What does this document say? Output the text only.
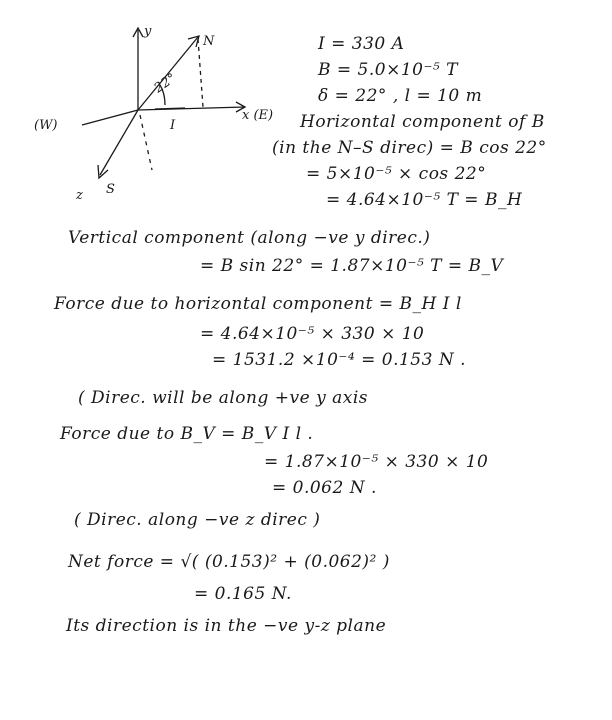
y
N
22°
x (E)
(W)	I
z S
I = 330 A
B = 5.0×10⁻⁵ T
δ = 22° , l = 10 m
Horizontal component of B
(in the N–S direc) = B cos 22°
= 5×10⁻⁵ × cos 22°
= 4.64×10⁻⁵ T = B_H
Vertical component (along −ve y direc.)
= B sin 22° = 1.87×10⁻⁵ T = B_V
Force due to horizontal component = B_H I l
= 4.64×10⁻⁵ × 330 × 10
= 1531.2 ×10⁻⁴ = 0.153 N .
( Direc. will be along +ve y axis
Force due to B_V = B_V I l .
= 1.87×10⁻⁵ × 330 × 10
= 0.062 N .
( Direc. along −ve z direc )
Net force = √( (0.153)² + (0.062)² )
= 0.165 N.
Its direction is in the −ve y-z plane
